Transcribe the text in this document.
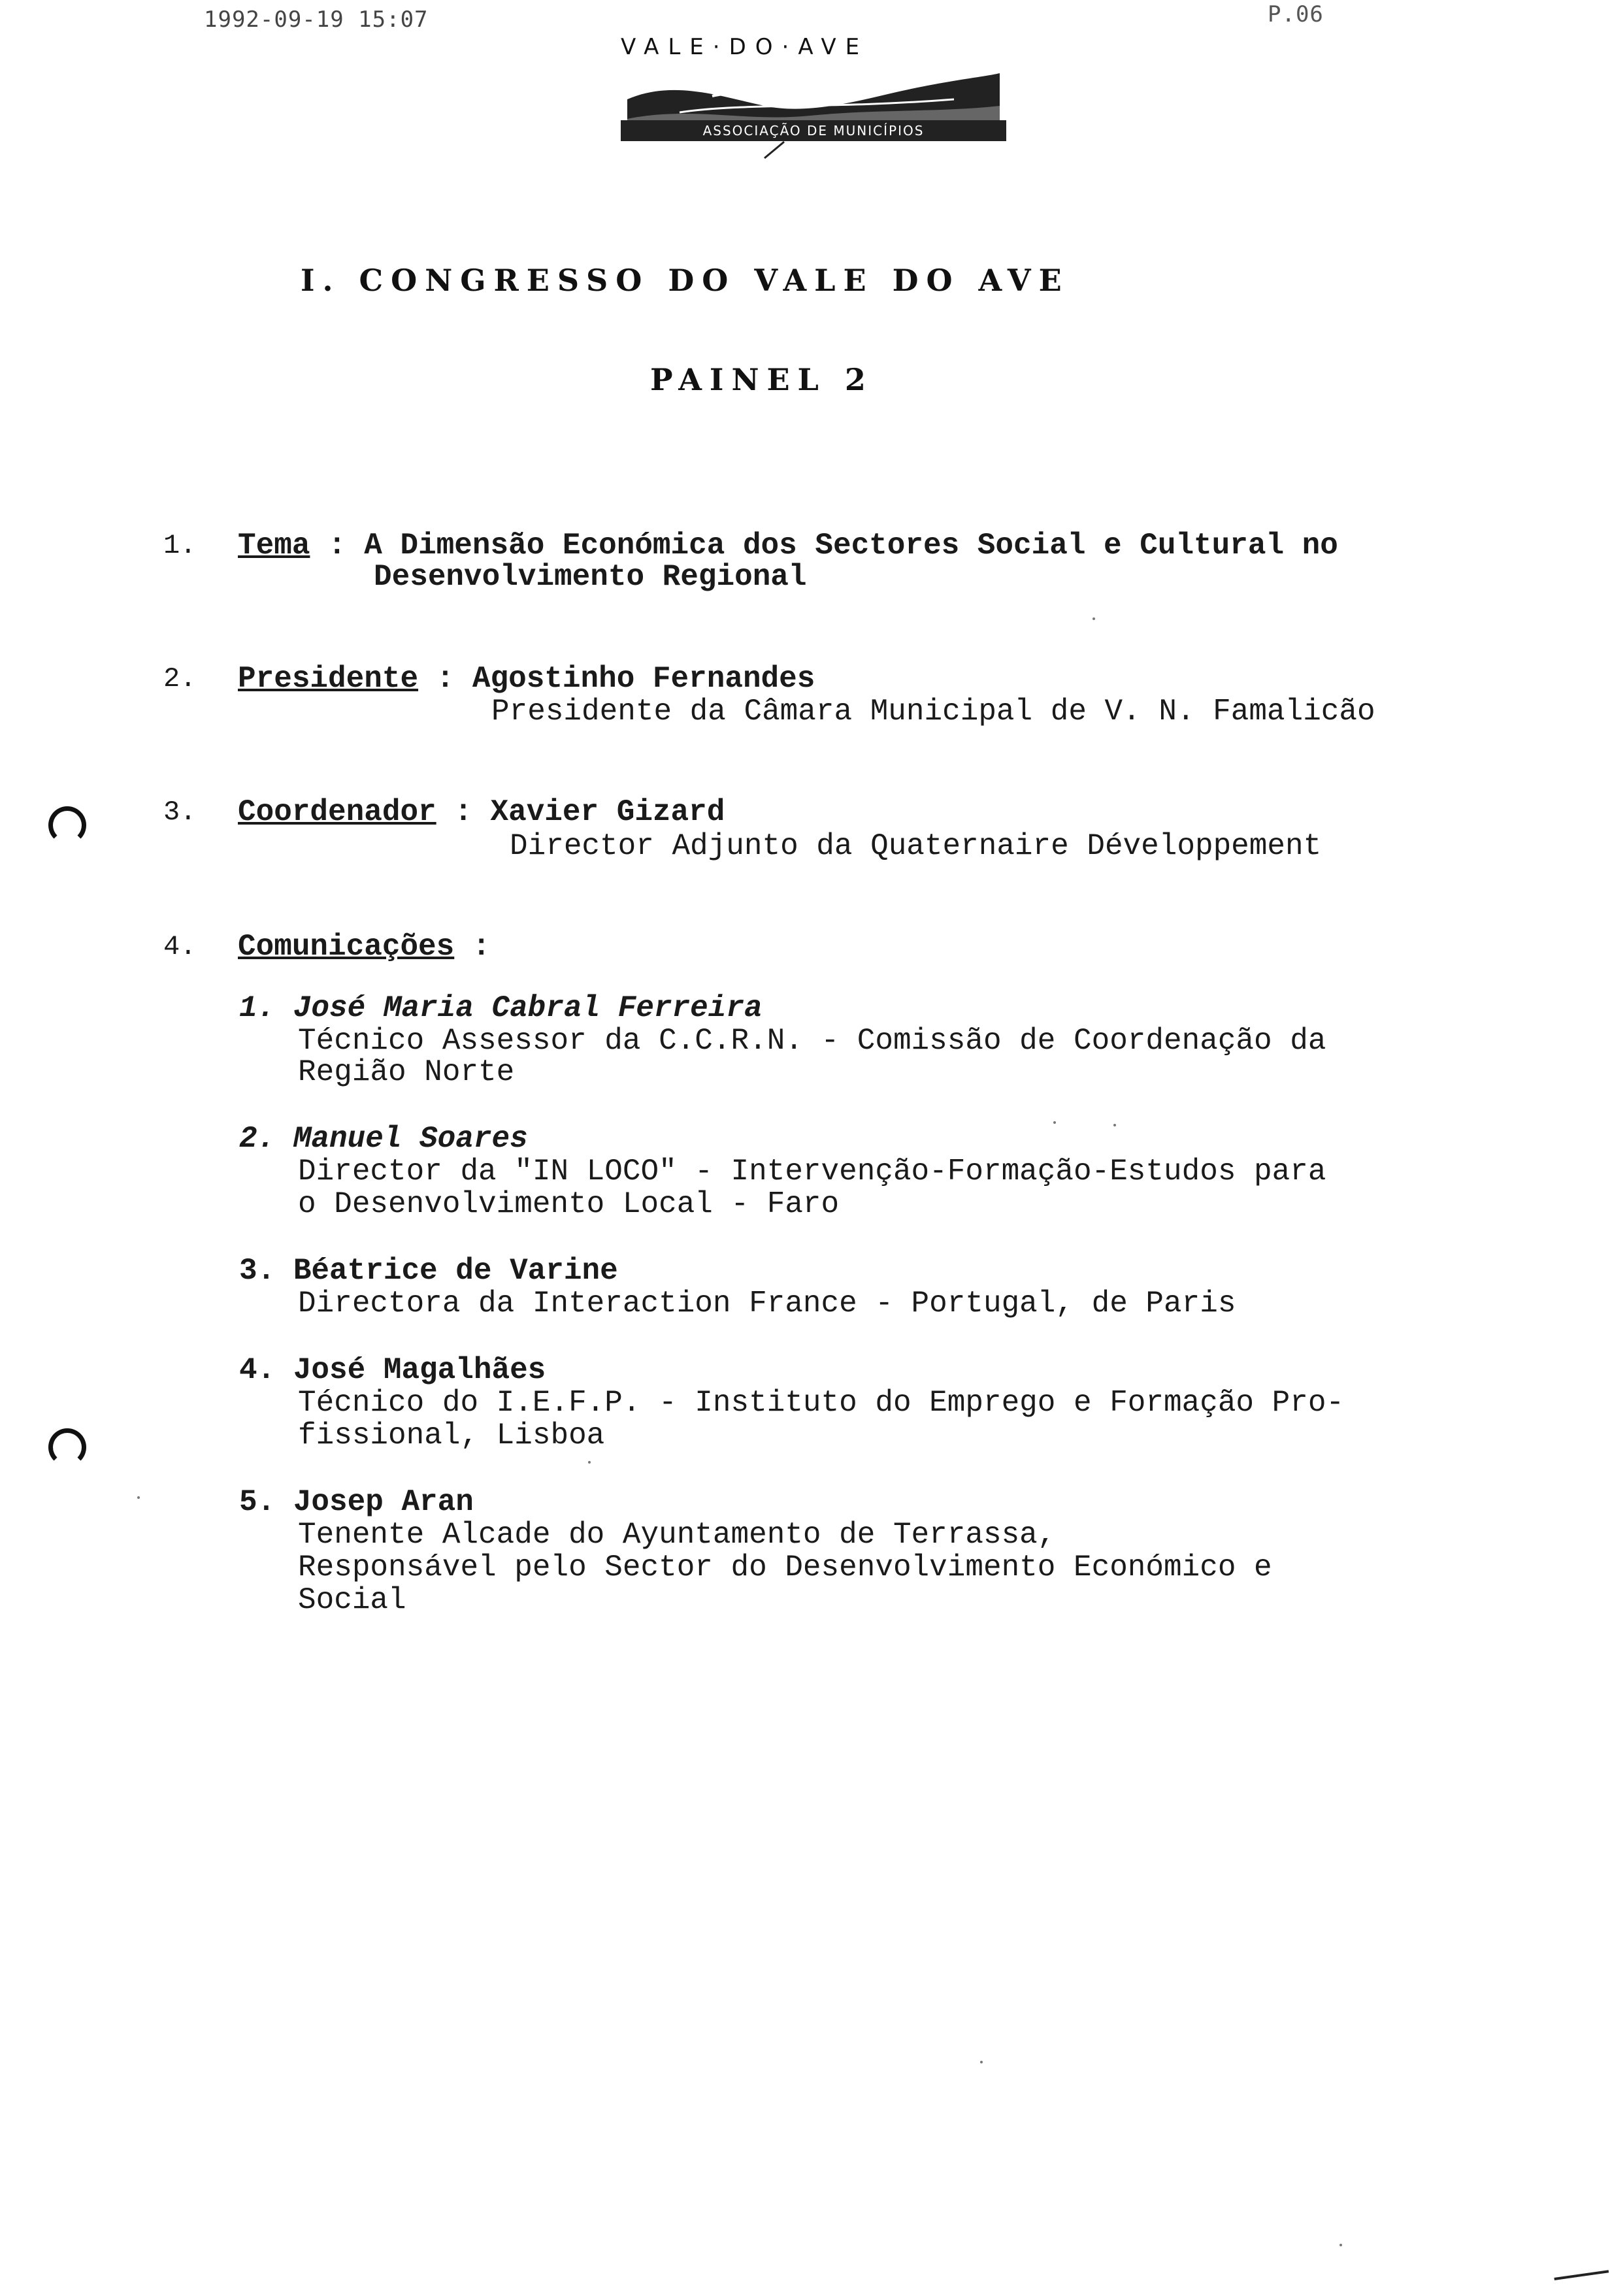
1992-09-19 15:07	P.06
VALE·DO·AVE
ASSOCIAÇÃO DE MUNICÍPIOS
I. CONGRESSO DO VALE DO AVE
PAINEL 2
1. Tema : A Dimensão Económica dos Sectores Social e Cultural no
Desenvolvimento Regional
2. Presidente : Agostinho Fernandes
Presidente da Câmara Municipal de V. N. Famalicão
3. Coordenador : Xavier Gizard
Director Adjunto da Quaternaire Développement
4. Comunicações :
1. José Maria Cabral Ferreira
Técnico Assessor da C.C.R.N. - Comissão de Coordenação da
Região Norte
2. Manuel Soares
Director da "IN LOCO" - Intervenção-Formação-Estudos para
o Desenvolvimento Local - Faro
3. Béatrice de Varine
Directora da Interaction France - Portugal, de Paris
4. José Magalhães
Técnico do I.E.F.P. - Instituto do Emprego e Formação Pro-
fissional, Lisboa
5. Josep Aran
Tenente Alcade do Ayuntamento de Terrassa,
Responsável pelo Sector do Desenvolvimento Económico e
Social
